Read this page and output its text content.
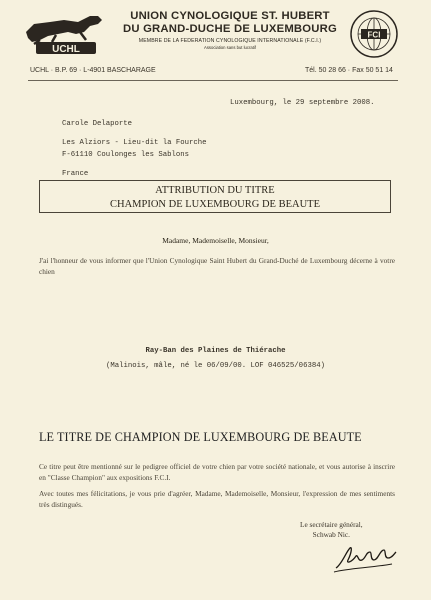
UCHL
UNION CYNOLOGIQUE ST. HUBERT
DU GRAND-DUCHE DE LUXEMBOURG
MEMBRE DE LA FEDERATION CYNOLOGIQUE INTERNATIONALE (F.C.I.)
Association sans but lucratif
FCI
UCHL · B.P. 69 · L-4901 BASCHARAGE	Tél. 50 28 66 · Fax 50 51 14
Luxembourg, le 29 septembre 2008.
Carole Delaporte
Les Alziors - Lieu-dit la Fourche
F-61110 Coulonges les Sablons
France
ATTRIBUTION DU TITRE
CHAMPION DE LUXEMBOURG DE BEAUTE
Madame, Mademoiselle, Monsieur,
J'ai l'honneur de vous informer que l'Union Cynologique Saint Hubert du Grand-Duché de Luxembourg décerne à votre chien
Ray-Ban des Plaines de Thiérache
(Malinois, mâle, né le 06/09/00. LOF 046525/06384)
LE TITRE DE CHAMPION DE LUXEMBOURG DE BEAUTE
Ce titre peut être mentionné sur le pedigree officiel de votre chien par votre société nationale, et vous autorise à inscrire en "Classe Champion" aux expositions F.C.I.
Avec toutes mes félicitations, je vous prie d'agréer, Madame, Mademoiselle, Monsieur, l'expression de mes sentiments très distingués.
Le secrétaire général,
Schwab Nic.
